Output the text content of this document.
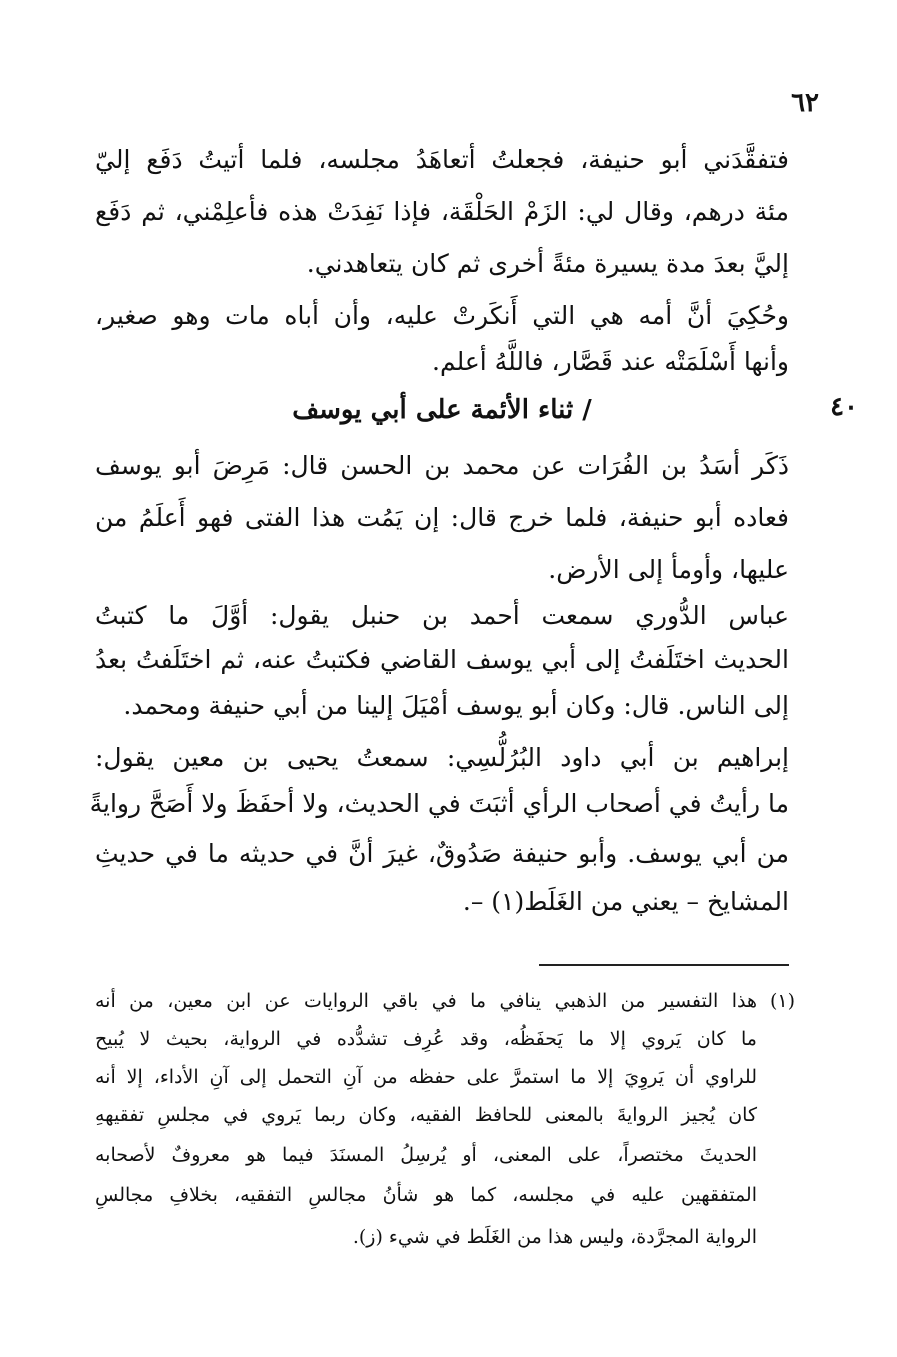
٦٢
فتفقَّدَني أبو حنيفة، فجعلتُ أتعاهَدُ مجلسه، فلما أتيتُ دَفَع إليّ
مئة درهم، وقال لي: الزَمْ الحَلْقَة، فإذا نَفِدَتْ هذه فأعلِمْني، ثم دَفَع
إليَّ بعدَ مدة يسيرة مئةً أخرى ثم كان يتعاهدني.
وحُكِيَ أنَّ أمه هي التي أَنكَرتْ عليه، وأن أباه مات وهو صغير،
وأنها أَسْلَمَتْه عند قَصَّار، فاللَّهُ أعلم.
٤٠
/ ثناء الأئمة على أبي يوسف
ذَكَر أسَدُ بن الفُرَات عن محمد بن الحسن قال: مَرِضَ أبو يوسف
فعاده أبو حنيفة، فلما خرج قال: إن يَمُت هذا الفتى فهو أَعلَمُ من
عليها، وأومأ إلى الأرض.
عباس الدُّوري سمعت أحمد بن حنبل يقول: أوَّلَ ما كتبتُ
الحديث اختَلَفتُ إلى أبي يوسف القاضي فكتبتُ عنه، ثم اختَلَفتُ بعدُ
إلى الناس. قال: وكان أبو يوسف أمْيَلَ إلينا من أبي حنيفة ومحمد.
إبراهيم بن أبي داود البُرُلُّسِي: سمعتُ يحيى بن معين يقول:
ما رأيتُ في أصحاب الرأي أثبَتَ في الحديث، ولا أحفَظَ ولا أَصَحَّ روايةً
من أبي يوسف. وأبو حنيفة صَدُوقٌ، غيرَ أنَّ في حديثه ما في حديثِ
المشايخ – يعني من الغَلَط(١) –.
(١)
هذا التفسير من الذهبي ينافي ما في باقي الروايات عن ابن معين، من أنه
ما كان يَروي إلا ما يَحفَظُه، وقد عُرِف تشدُّده في الرواية، بحيث لا يُبيح
للراوي أن يَروِيَ إلا ما استمرَّ على حفظه من آنِ التحمل إلى آنِ الأداء، إلا أنه
كان يُجيز الروايةَ بالمعنى للحافظ الفقيه، وكان ربما يَروي في مجلسِ تفقيههِ
الحديثَ مختصراً، على المعنى، أو يُرسِلُ المسنَدَ فيما هو معروفٌ لأصحابه
المتفقهين عليه في مجلسه، كما هو شأنُ مجالسِ التفقيه، بخلافِ مجالسِ
الرواية المجرَّدة، وليس هذا من الغَلَط في شيء (ز).
